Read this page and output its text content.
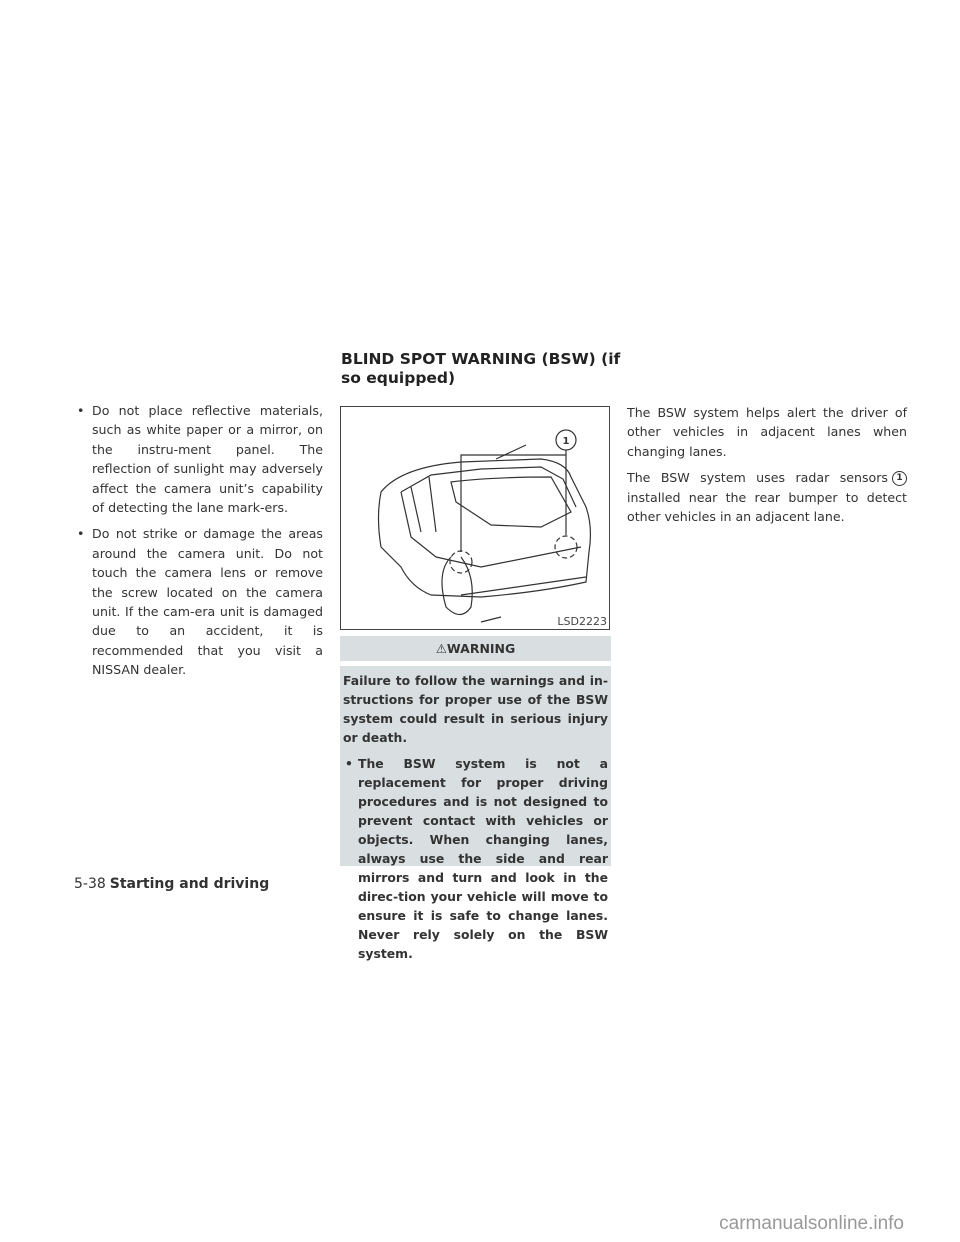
• Do not place reflective materials, such as white paper or a mirror, on the instru-ment panel. The reflection of sunlight may adversely affect the camera unit’s capability of detecting the lane mark-ers.
• Do not strike or damage the areas around the camera unit. Do not touch the camera lens or remove the screw located on the camera unit. If the cam-era unit is damaged due to an accident, it is recommended that you visit a NISSAN dealer.
BLIND SPOT WARNING (BSW) (if so equipped)
1
LSD2223
⚠WARNING

Failure to follow the warnings and in-structions for proper use of the BSW system could result in serious injury or death.

• The BSW system is not a replacement for proper driving procedures and is not designed to prevent contact with vehicles or objects. When changing lanes, always use the side and rear mirrors and turn and look in the direc-tion your vehicle will move to ensure it is safe to change lanes. Never rely solely on the BSW system.

The BSW system helps alert the driver of other vehicles in adjacent lanes when changing lanes.

The BSW system uses radar sensors 1 installed near the rear bumper to detect other vehicles in an adjacent lane.

5-38 Starting and driving
carmanualsonline.info
